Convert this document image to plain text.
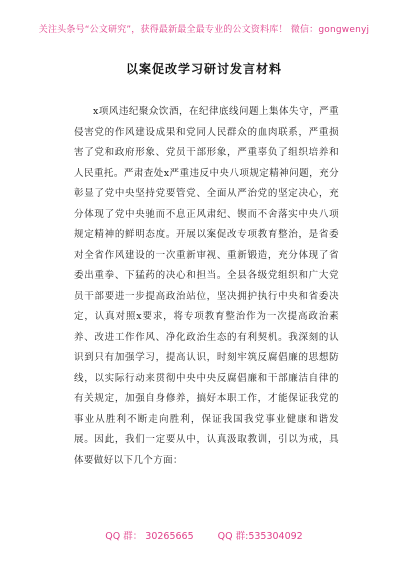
关注头条号“公文研究”，获得最新最全最专业的公文资料库！ 微信：gongwenyj
以案促改学习研讨发言材料

x项风违纪聚众饮酒，在纪律底线问题上集体失守，严重侵害党的作风建设成果和党同人民群众的血肉联系，严重损害了党和政府形象、党员干部形象，严重辜负了组织培养和人民重托。严肃查处x严重违反中央八项规定精神问题，充分彰显了党中央坚持党要管党、全面从严治党的坚定决心，充分体现了党中央驰而不息正风肃纪、锲而不舍落实中央八项规定精神的鲜明态度。开展以案促改专项教育整治，是省委对全省作风建设的一次重新审视、重新锻造，充分体现了省委出重拳、下猛药的决心和担当。全县各级党组织和广大党员干部要进一步提高政治站位，坚决拥护执行中央和省委决定，认真对照x要求，将专项教育整治作为一次提高政治素养、改进工作作风、净化政治生态的有利契机。我深刻的认识到只有加强学习，提高认识，时刻牢筑反腐倡廉的思想防线，以实际行动来贯彻中央中央反腐倡廉和干部廉洁自律的有关规定，加强自身修养，搞好本职工作，才能保证我党的事业从胜利不断走向胜利，保证我国我党事业健康和谐发展。因此，我们一定要从中，认真汲取教训，引以为戒，具体要做好以下几个方面：

QQ 群： 30265665	QQ 群:535304092
